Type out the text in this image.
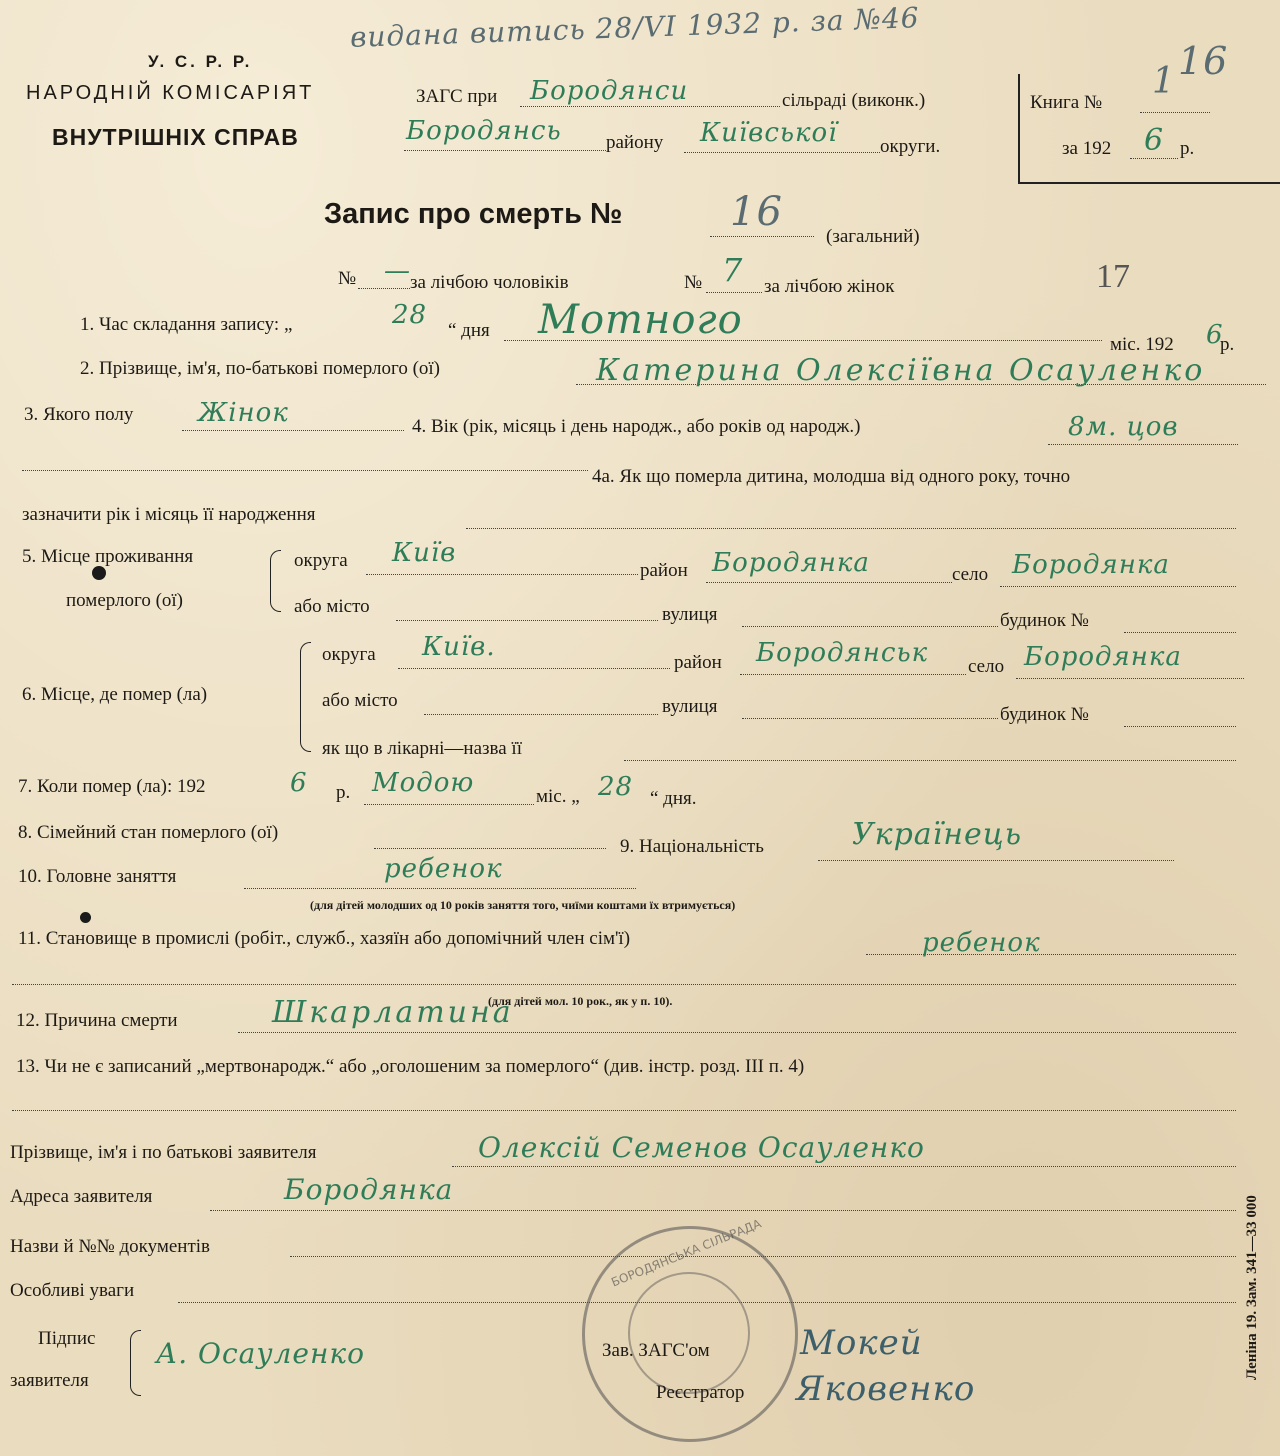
видана витись 28/VI 1932 р. за №46
У. С. Р. Р.
НАРОДНІЙ КОМІСАРІЯТ
ВНУТРІШНІХ СПРАВ
ЗАГС при Бородянси	сільраді (виконк.)
Бородянсь району Київської округи.
Книга №
1
за 192 6 р.
16
Запис про смерть №	16
(загальний)
№ — за лічбою чоловіків	№ 7 за лічбою жінок	17
1. Час складання запису: „	28
“ дня Мотного
міс. 192 6
р.
2. Прізвище, ім'я, по-батькові померлого (ої)	Катерина Олексіївна Осауленко
3. Якого полу Жінок	4. Вік (рік, місяць і день народж., або років од народж.)	8м. цов
4а. Як що померла дитина, молодша від одного року, точно
зазначити рік і місяць її народження
5. Місце проживання
померлого (ої)
округа Київ
район Бородянка	село Бородянка
або місто	вулиця	будинок №
6. Місце, де помер (ла)
округа Київ.
район Бородянськ село Бородянка
або місто	вулиця	будинок №
як що в лікарні—назва її
7. Коли помер (ла): 192	6 р. Модою	міс. „ 28 “ дня.
8. Сімейний стан померлого (ої)
9. Національність	Українець
10. Головне заняття	ребенок
(для дітей молодших од 10 років заняття того, чиїми коштами їх втримується)
11. Становище в промислі (робіт., служб., хазяїн або допомічний член сім'ї)	ребенок
(для дітей мол. 10 рок., як у п. 10).
12. Причина смерти	Шкарлатина
13. Чи не є записаний „мертвонародж.“ або „оголошеним за померлого“ (див. інстр. розд. III п. 4)
Прізвище, ім'я і по батькові заявителя	Олексій Семенов Осауленко
Адреса заявителя	Бородянка
Назви й №№ документів
Особливі уваги
Підпис
заявителя
А. Осауленко
БОРОДЯНСЬКА СІЛЬРАДА
Зав. ЗАГС'ом	Мокей
Реєстратор Яковенко
Леніна 19. Зам. 341—33 000
